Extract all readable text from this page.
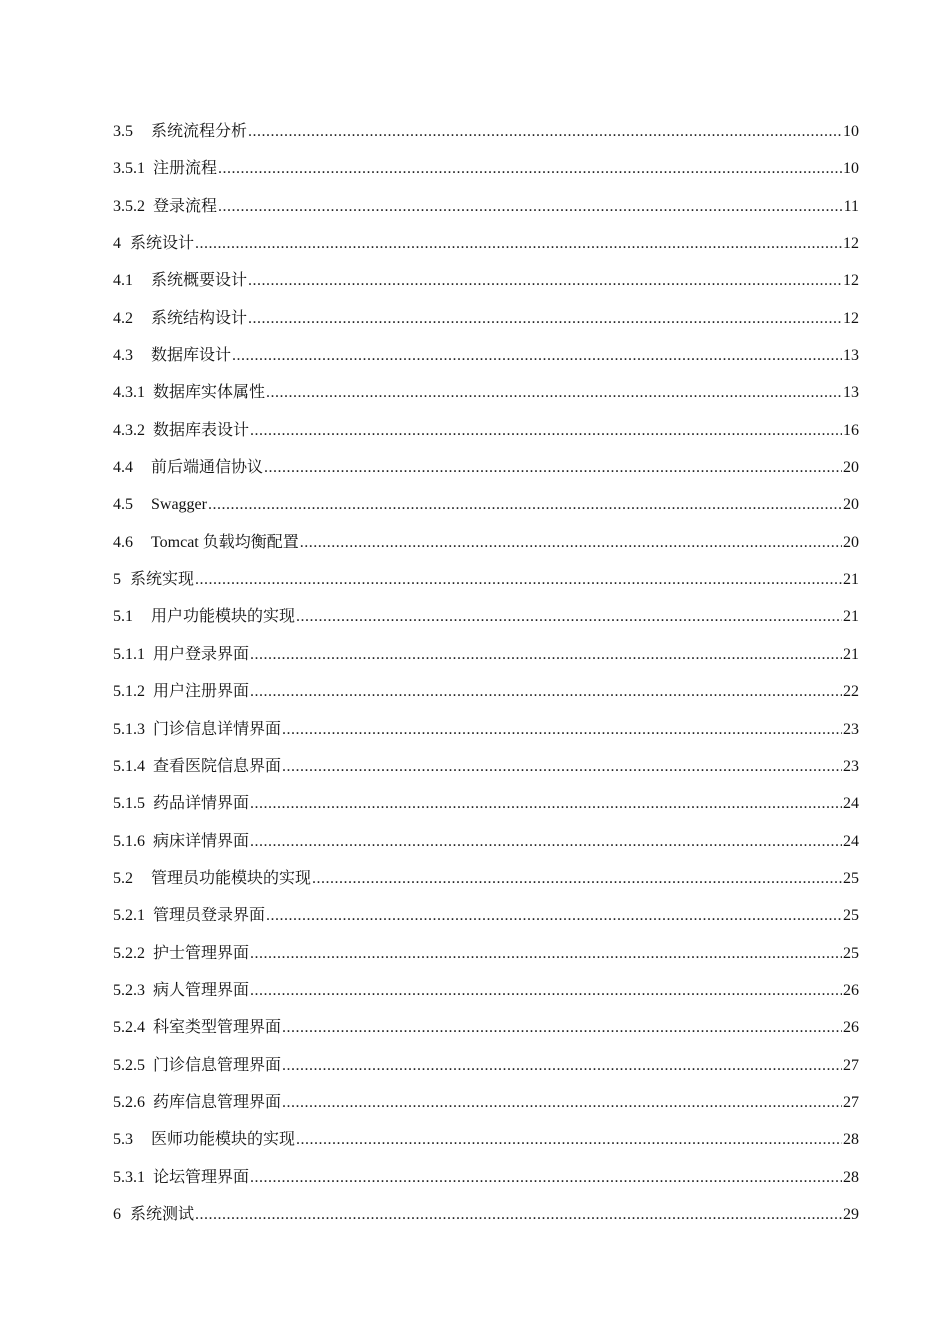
3.5	系统流程分析 .....	10
3.5.1 注册流程 .....	10
3.5.2 登录流程 .....	11
4 系统设计 .....	12
4.1	系统概要设计 .....	12
4.2	系统结构设计 .....	12
4.3	数据库设计 .....	13
4.3.1 数据库实体属性 .....	13
4.3.2 数据库表设计 .....	16
4.4	前后端通信协议 .....	20
4.5	Swagger .....	20
4.6	Tomcat 负载均衡配置 .....	20
5 系统实现 .....	21
5.1	用户功能模块的实现 .....	21
5.1.1 用户登录界面 .....	21
5.1.2 用户注册界面 .....	22
5.1.3 门诊信息详情界面 .....	23
5.1.4 查看医院信息界面 .....	23
5.1.5 药品详情界面 .....	24
5.1.6 病床详情界面 .....	24
5.2	管理员功能模块的实现 .....	25
5.2.1 管理员登录界面 .....	25
5.2.2 护士管理界面 .....	25
5.2.3 病人管理界面 .....	26
5.2.4 科室类型管理界面 .....	26
5.2.5 门诊信息管理界面 .....	27
5.2.6 药库信息管理界面 .....	27
5.3	医师功能模块的实现 .....	28
5.3.1 论坛管理界面 .....	28
6 系统测试 .....	29
